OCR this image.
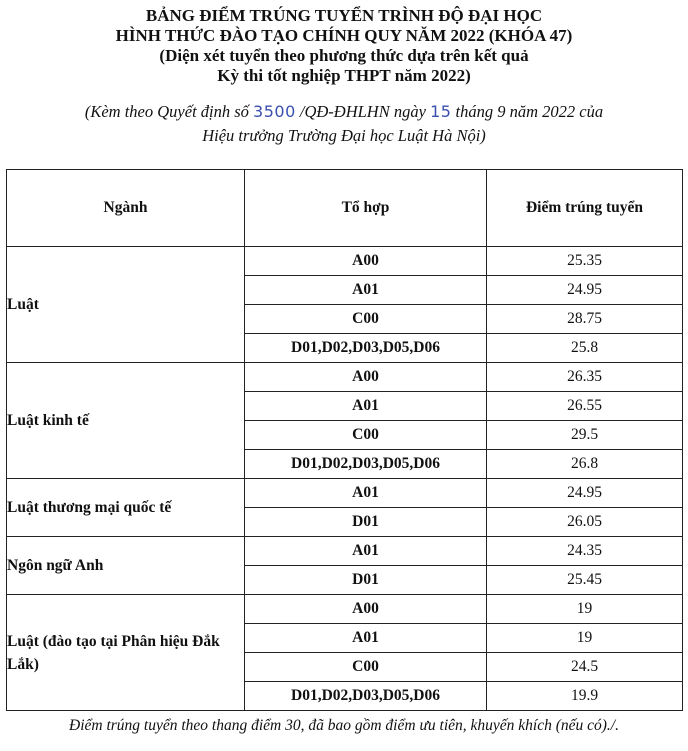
BẢNG ĐIỂM TRÚNG TUYỂN TRÌNH ĐỘ ĐẠI HỌC
HÌNH THỨC ĐÀO TẠO CHÍNH QUY NĂM 2022 (KHÓA 47)
(Diện xét tuyển theo phương thức dựa trên kết quả
Kỳ thi tốt nghiệp THPT năm 2022)
(Kèm theo Quyết định số 3500 /QĐ-ĐHLHN ngày 15 tháng 9 năm 2022 của
Hiệu trưởng Trường Đại học Luật Hà Nội)
Ngành	Tổ hợp	Điểm trúng tuyển
Luật	A00	25.35
	A01	24.95
	C00	28.75
	D01,D02,D03,D05,D06	25.8
Luật kinh tế	A00	26.35
	A01	26.55
	C00	29.5
	D01,D02,D03,D05,D06	26.8
Luật thương mại quốc tế	A01	24.95
	D01	26.05
Ngôn ngữ Anh	A01	24.35
	D01	25.45
Luật (đào tạo tại Phân hiệu Đắk Lắk)	A00	19
	A01	19
	C00	24.5
	D01,D02,D03,D05,D06	19.9
Điểm trúng tuyển theo thang điểm 30, đã bao gồm điểm ưu tiên, khuyến khích (nếu có)./.
